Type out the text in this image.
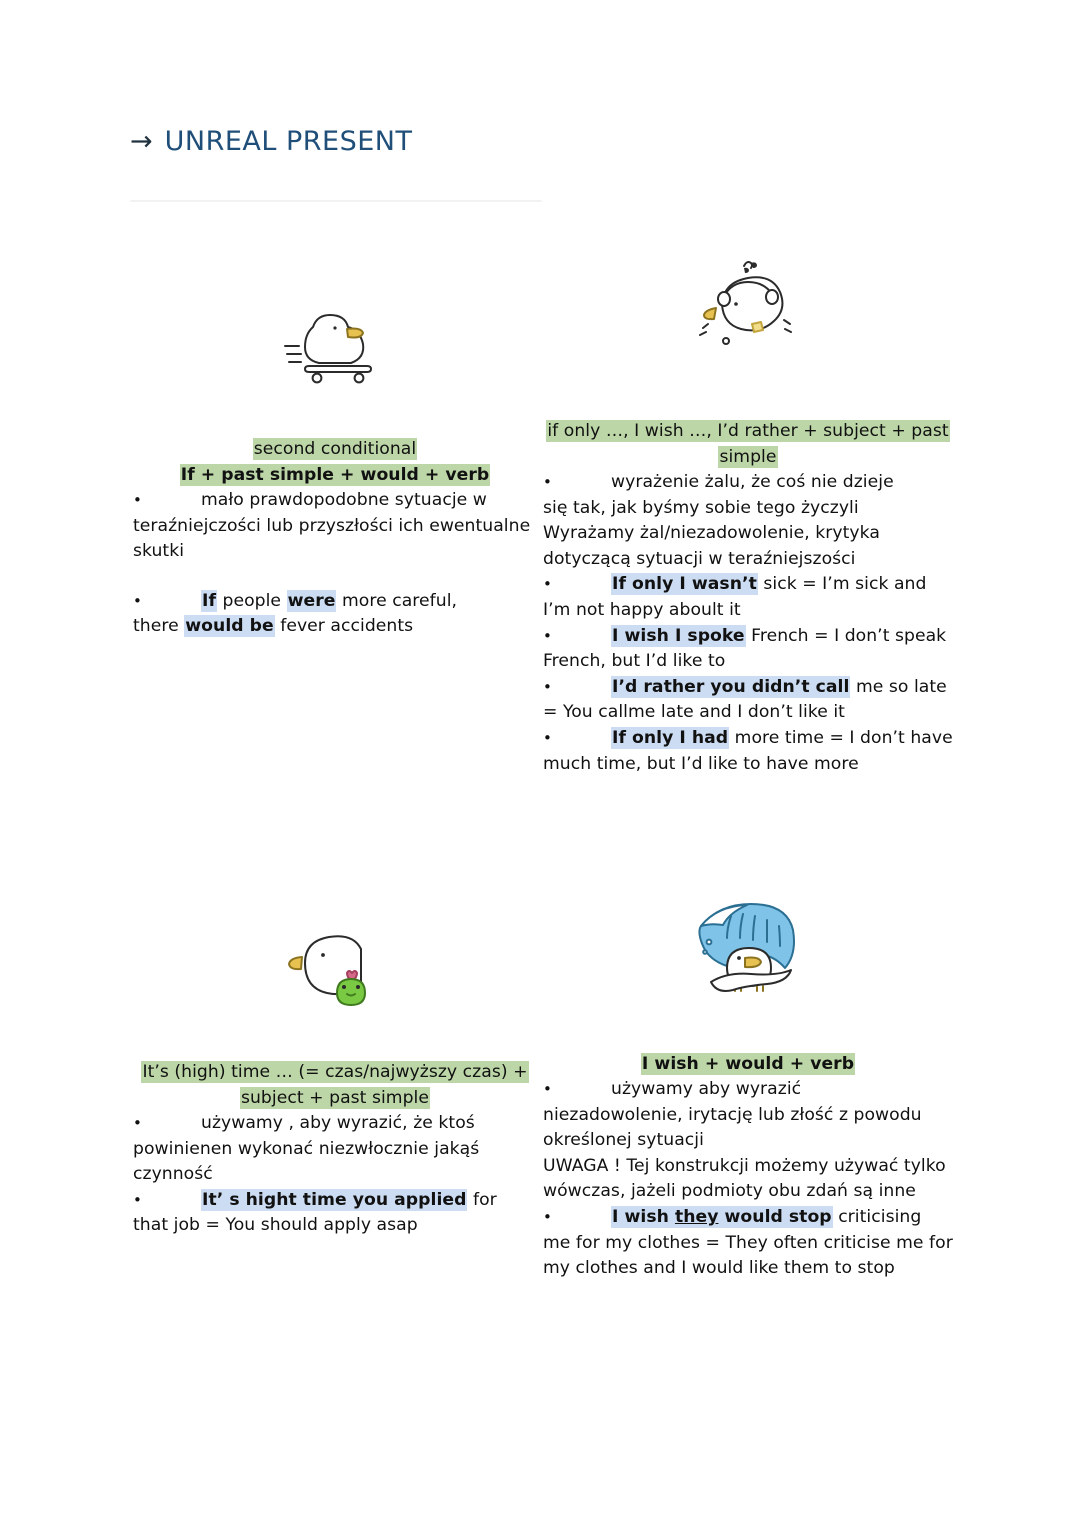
→ UNREAL PRESENT
second conditional
If + past simple + would + verb

•mało prawdopodobne sytuacje w
teraźniejczości lub przyszłości ich ewentualne skutki

•If people were more careful,
there would be fever accidents

if only …, I wish …, I’d rather + subject + past
simple

•wyrażenie żalu, że coś nie dzieje
się tak, jak byśmy sobie tego życzyli

Wyrażamy żal/niezadowolenie, krytyka dotyczącą sytuacji w teraźniejszości

•If only I wasn’t sick = I’m sick and I’m not happy aboult it

•I wish I spoke French = I don’t speak French, but I’d like to

•I’d rather you didn’t call me so late = You callme late and I don’t like it

•If only I had more time = I don’t have much time, but I’d like to have more

It’s (high) time … (= czas/najwyższy czas) +
subject + past simple

•używamy , aby wyrazić, że ktoś
powinienen wykonać niezwłocznie jakąś czynność

•It’ s hight time you applied for that job = You should apply asap

I wish + would + verb

•używamy aby wyrazić
niezadowolenie, irytację lub złość z powodu określonej sytuacji

UWAGA ! Tej konstrukcji możemy używać tylko wówczas, jażeli podmioty obu zdań są inne

•I wish they would stop criticising me for my clothes = They often criticise me for my clothes and I would like them to stop
